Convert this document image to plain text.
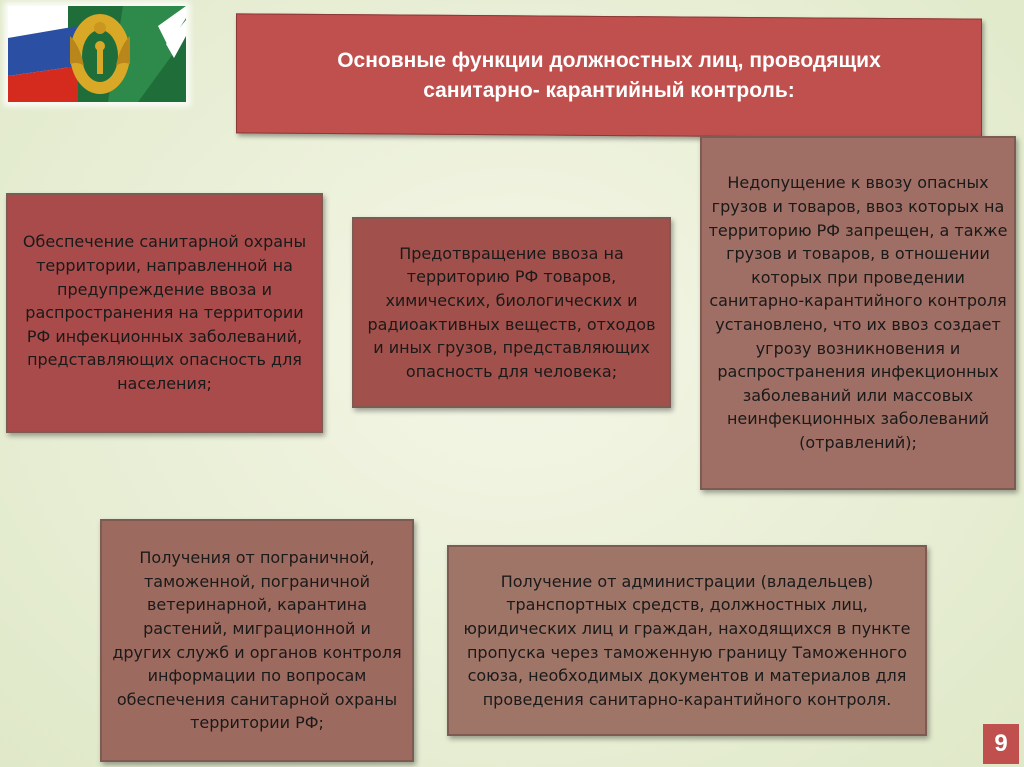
Основные функции должностных лиц, проводящих
санитарно- карантийный контроль:
Обеспечение санитарной охраны территории, направленной на предупреждение ввоза и распространения на территории РФ инфекционных заболеваний, представляющих опасность для населения;
Предотвращение ввоза на территорию РФ товаров, химических, биологических и радиоактивных веществ, отходов и иных грузов, представляющих опасность для человека;
Недопущение к ввозу опасных грузов и товаров, ввоз которых на территорию РФ запрещен, а также грузов и товаров, в отношении которых при проведении санитарно-карантийного контроля установлено, что их ввоз создает угрозу возникновения и распространения инфекционных заболеваний или массовых неинфекционных заболеваний (отравлений);
Получения от пограничной, таможенной, пограничной ветеринарной, карантина растений, миграционной и других служб и органов контроля информации по вопросам обеспечения санитарной охраны территории РФ;
Получение от администрации (владельцев) транспортных средств, должностных лиц, юридических лиц и граждан, находящихся в пункте пропуска через таможенную границу Таможенного союза, необходимых документов и материалов для проведения санитарно-карантийного контроля.
9
